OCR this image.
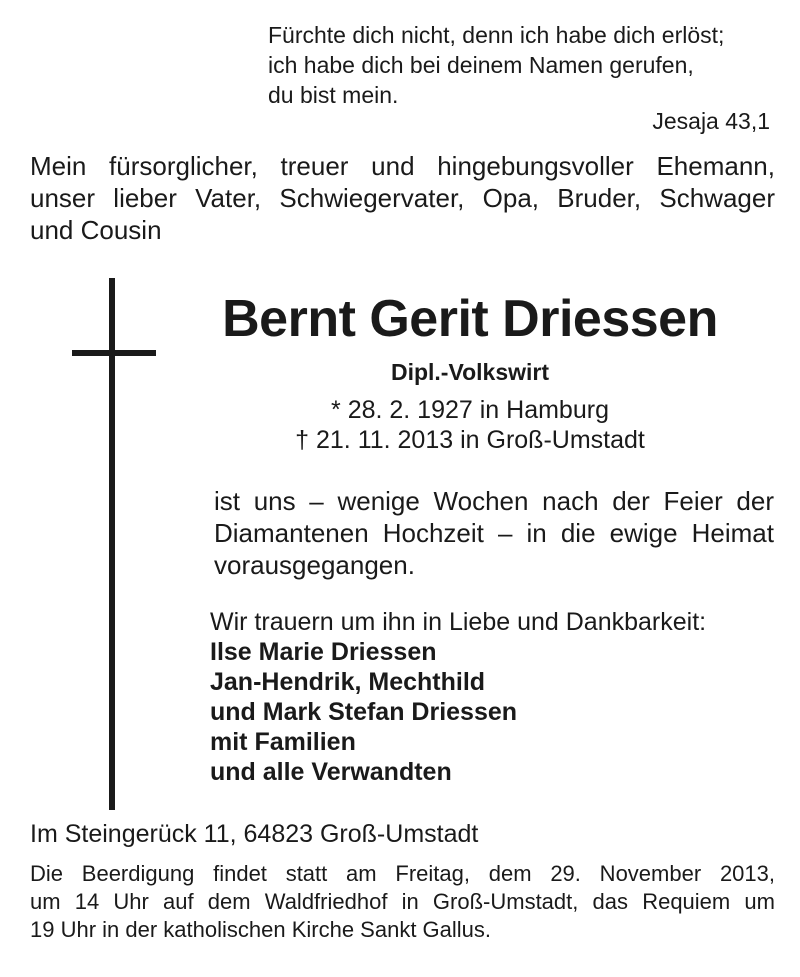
Fürchte dich nicht, denn ich habe dich erlöst;
ich habe dich bei deinem Namen gerufen,
du bist mein.
Jesaja 43,1
Mein fürsorglicher, treuer und hingebungsvoller Ehemann,
unser lieber Vater, Schwiegervater, Opa, Bruder, Schwager
und Cousin
Bernt Gerit Driessen
Dipl.-Volkswirt
* 28. 2. 1927 in Hamburg
† 21. 11. 2013 in Groß-Umstadt
ist uns – wenige Wochen nach der Feier der
Diamantenen Hochzeit – in die ewige Heimat
vorausgegangen.
Wir trauern um ihn in Liebe und Dankbarkeit:
Ilse Marie Driessen
Jan-Hendrik, Mechthild
und Mark Stefan Driessen
mit Familien
und alle Verwandten
Im Steingerück 11, 64823 Groß-Umstadt
Die Beerdigung findet statt am Freitag, dem 29. November 2013,
um 14 Uhr auf dem Waldfriedhof in Groß-Umstadt, das Requiem um
19 Uhr in der katholischen Kirche Sankt Gallus.
